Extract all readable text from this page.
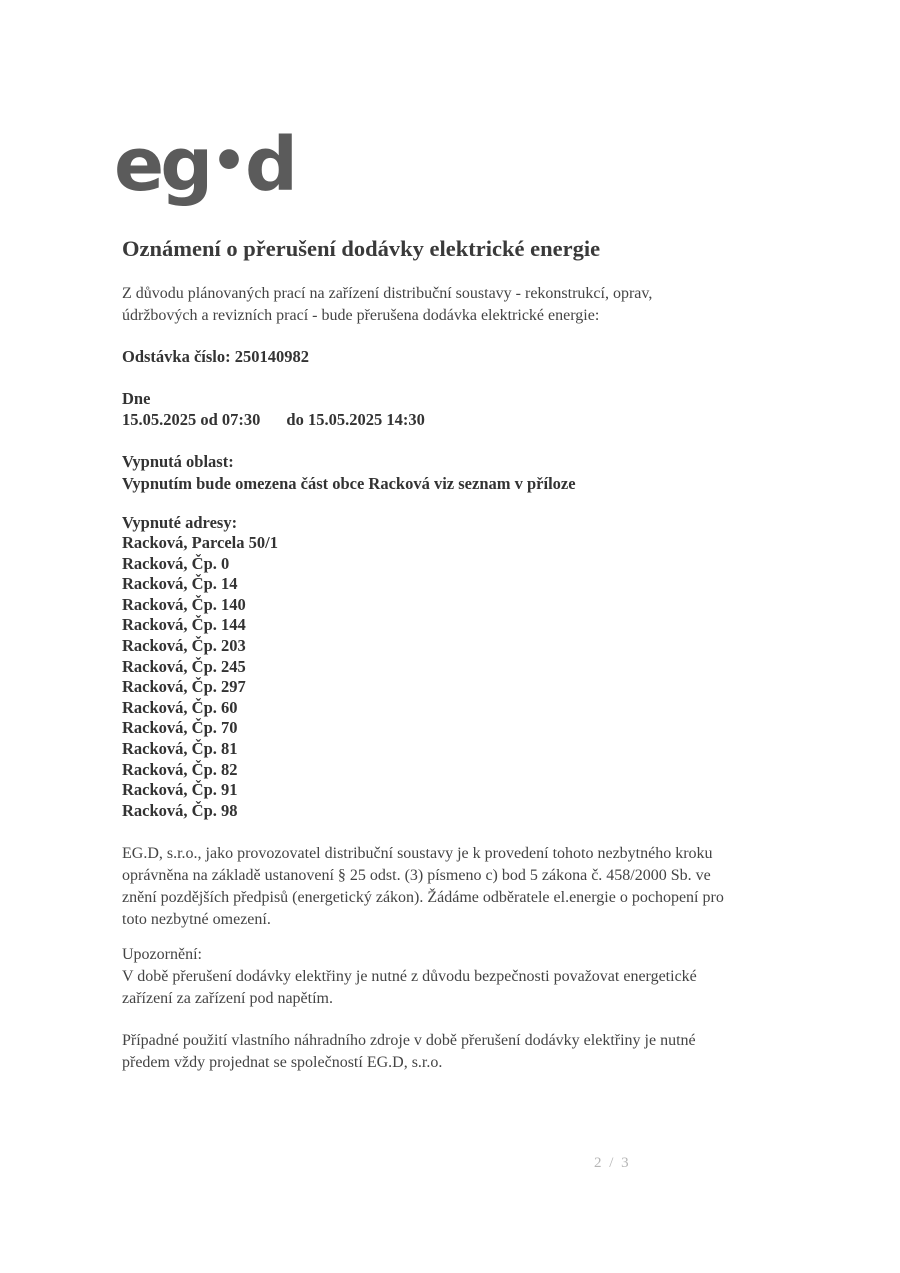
eg•d
Oznámení o přerušení dodávky elektrické energie
Z důvodu plánovaných prací na zařízení distribuční soustavy - rekonstrukcí, oprav,
údržbových a revizních prací - bude přerušena dodávka elektrické energie:
Odstávka číslo: 250140982
Dne
15.05.2025 od 07:30 do 15.05.2025 14:30
Vypnutá oblast:
Vypnutím bude omezena část obce Racková viz seznam v příloze
Vypnuté adresy:
Racková, Parcela 50/1
Racková, Čp. 0
Racková, Čp. 14
Racková, Čp. 140
Racková, Čp. 144
Racková, Čp. 203
Racková, Čp. 245
Racková, Čp. 297
Racková, Čp. 60
Racková, Čp. 70
Racková, Čp. 81
Racková, Čp. 82
Racková, Čp. 91
Racková, Čp. 98
EG.D, s.r.o., jako provozovatel distribuční soustavy je k provedení tohoto nezbytného kroku
oprávněna na základě ustanovení § 25 odst. (3) písmeno c) bod 5 zákona č. 458/2000 Sb. ve
znění pozdějších předpisů (energetický zákon). Žádáme odběratele el.energie o pochopení pro
toto nezbytné omezení.
Upozornění:
V době přerušení dodávky elektřiny je nutné z důvodu bezpečnosti považovat energetické
zařízení za zařízení pod napětím.
Případné použití vlastního náhradního zdroje v době přerušení dodávky elektřiny je nutné
předem vždy projednat se společností EG.D, s.r.o.
2 / 3
